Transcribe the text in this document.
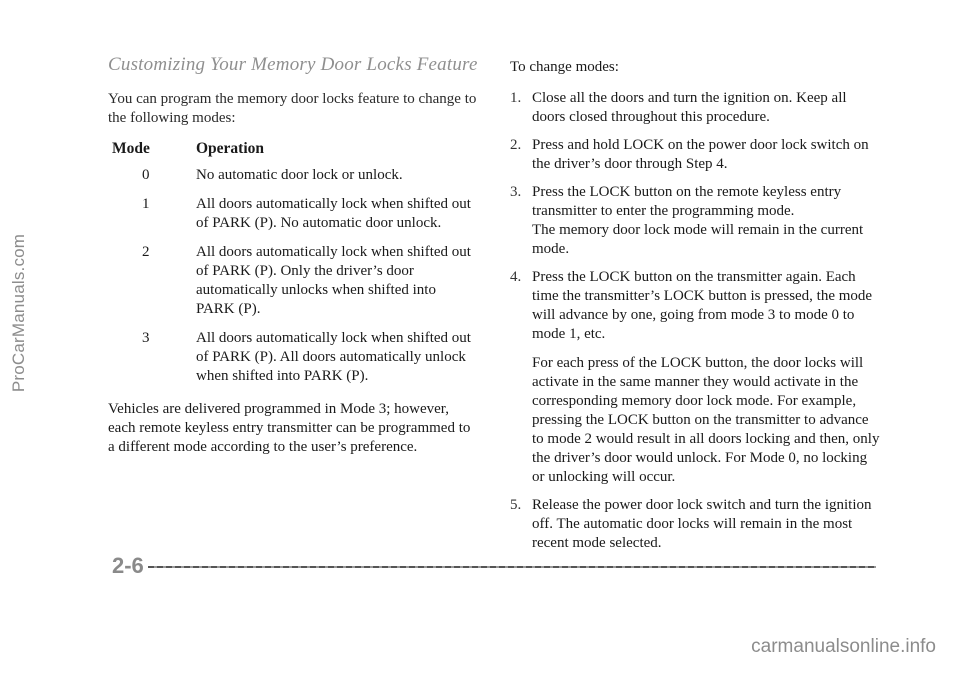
Customizing Your Memory Door Locks Feature

You can program the memory door locks feature to change to the following modes:

Mode	Operation
0	No automatic door lock or unlock.
1	All doors automatically lock when shifted out of PARK (P). No automatic door unlock.
2	All doors automatically lock when shifted out of PARK (P). Only the driver’s door automatically unlocks when shifted into PARK (P).
3	All doors automatically lock when shifted out of PARK (P). All doors automatically unlock when shifted into PARK (P).

Vehicles are delivered programmed in Mode 3; however, each remote keyless entry transmitter can be programmed to a different mode according to the user’s preference.

To change modes:

1. Close all the doors and turn the ignition on. Keep all doors closed throughout this procedure.

2. Press and hold LOCK on the power door lock switch on the driver’s door through Step 4.

3. Press the LOCK button on the remote keyless entry transmitter to enter the programming mode.

The memory door lock mode will remain in the current mode.

4. Press the LOCK button on the transmitter again. Each time the transmitter’s LOCK button is pressed, the mode will advance by one, going from mode 3 to mode 0 to mode 1, etc.

For each press of the LOCK button, the door locks will activate in the same manner they would activate in the corresponding memory door lock mode. For example, pressing the LOCK button on the transmitter to advance to mode 2 would result in all doors locking and then, only the driver’s door would unlock. For Mode 0, no locking or unlocking will occur.

5. Release the power door lock switch and turn the ignition off. The automatic door locks will remain in the most recent mode selected.

2-6
ProCarManuals.com
carmanualsonline.info
